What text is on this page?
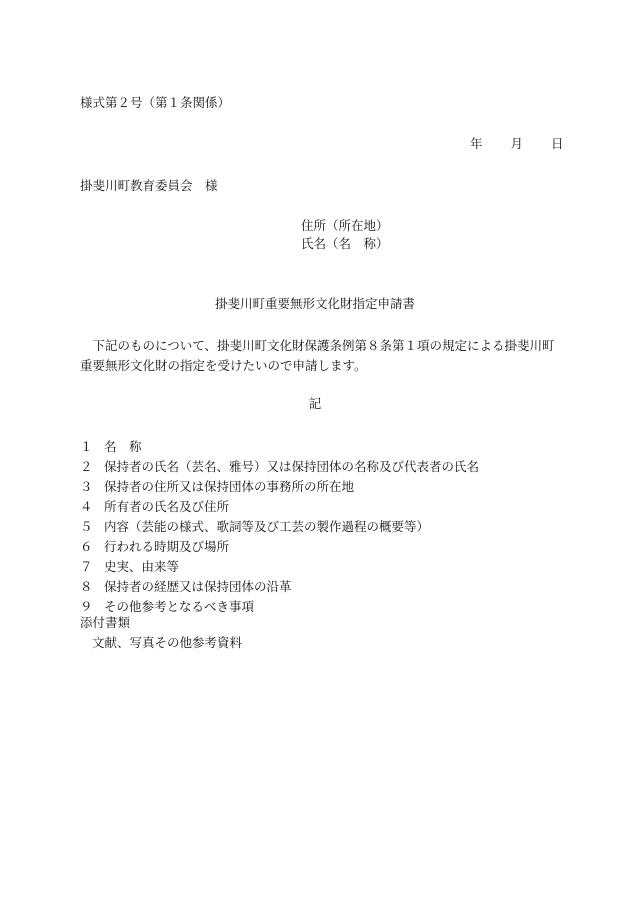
様式第２号（第１条関係）
年 月 日
掛斐川町教育委員会　様
住所（所在地）
氏名（名　称）
掛斐川町重要無形文化財指定申請書
下記のものについて、掛斐川町文化財保護条例第８条第１項の規定による掛斐川町重要無形文化財の指定を受けたいので申請します。
記
１ 名　称
２ 保持者の氏名（芸名、雅号）又は保持団体の名称及び代表者の氏名
３ 保持者の住所又は保持団体の事務所の所在地
４ 所有者の氏名及び住所
５ 内容（芸能の様式、歌詞等及び工芸の製作過程の概要等）
６ 行われる時期及び場所
７ 史実、由来等
８ 保持者の経歴又は保持団体の沿革
９ その他参考となるべき事項
添付書類
文献、写真その他参考資料
